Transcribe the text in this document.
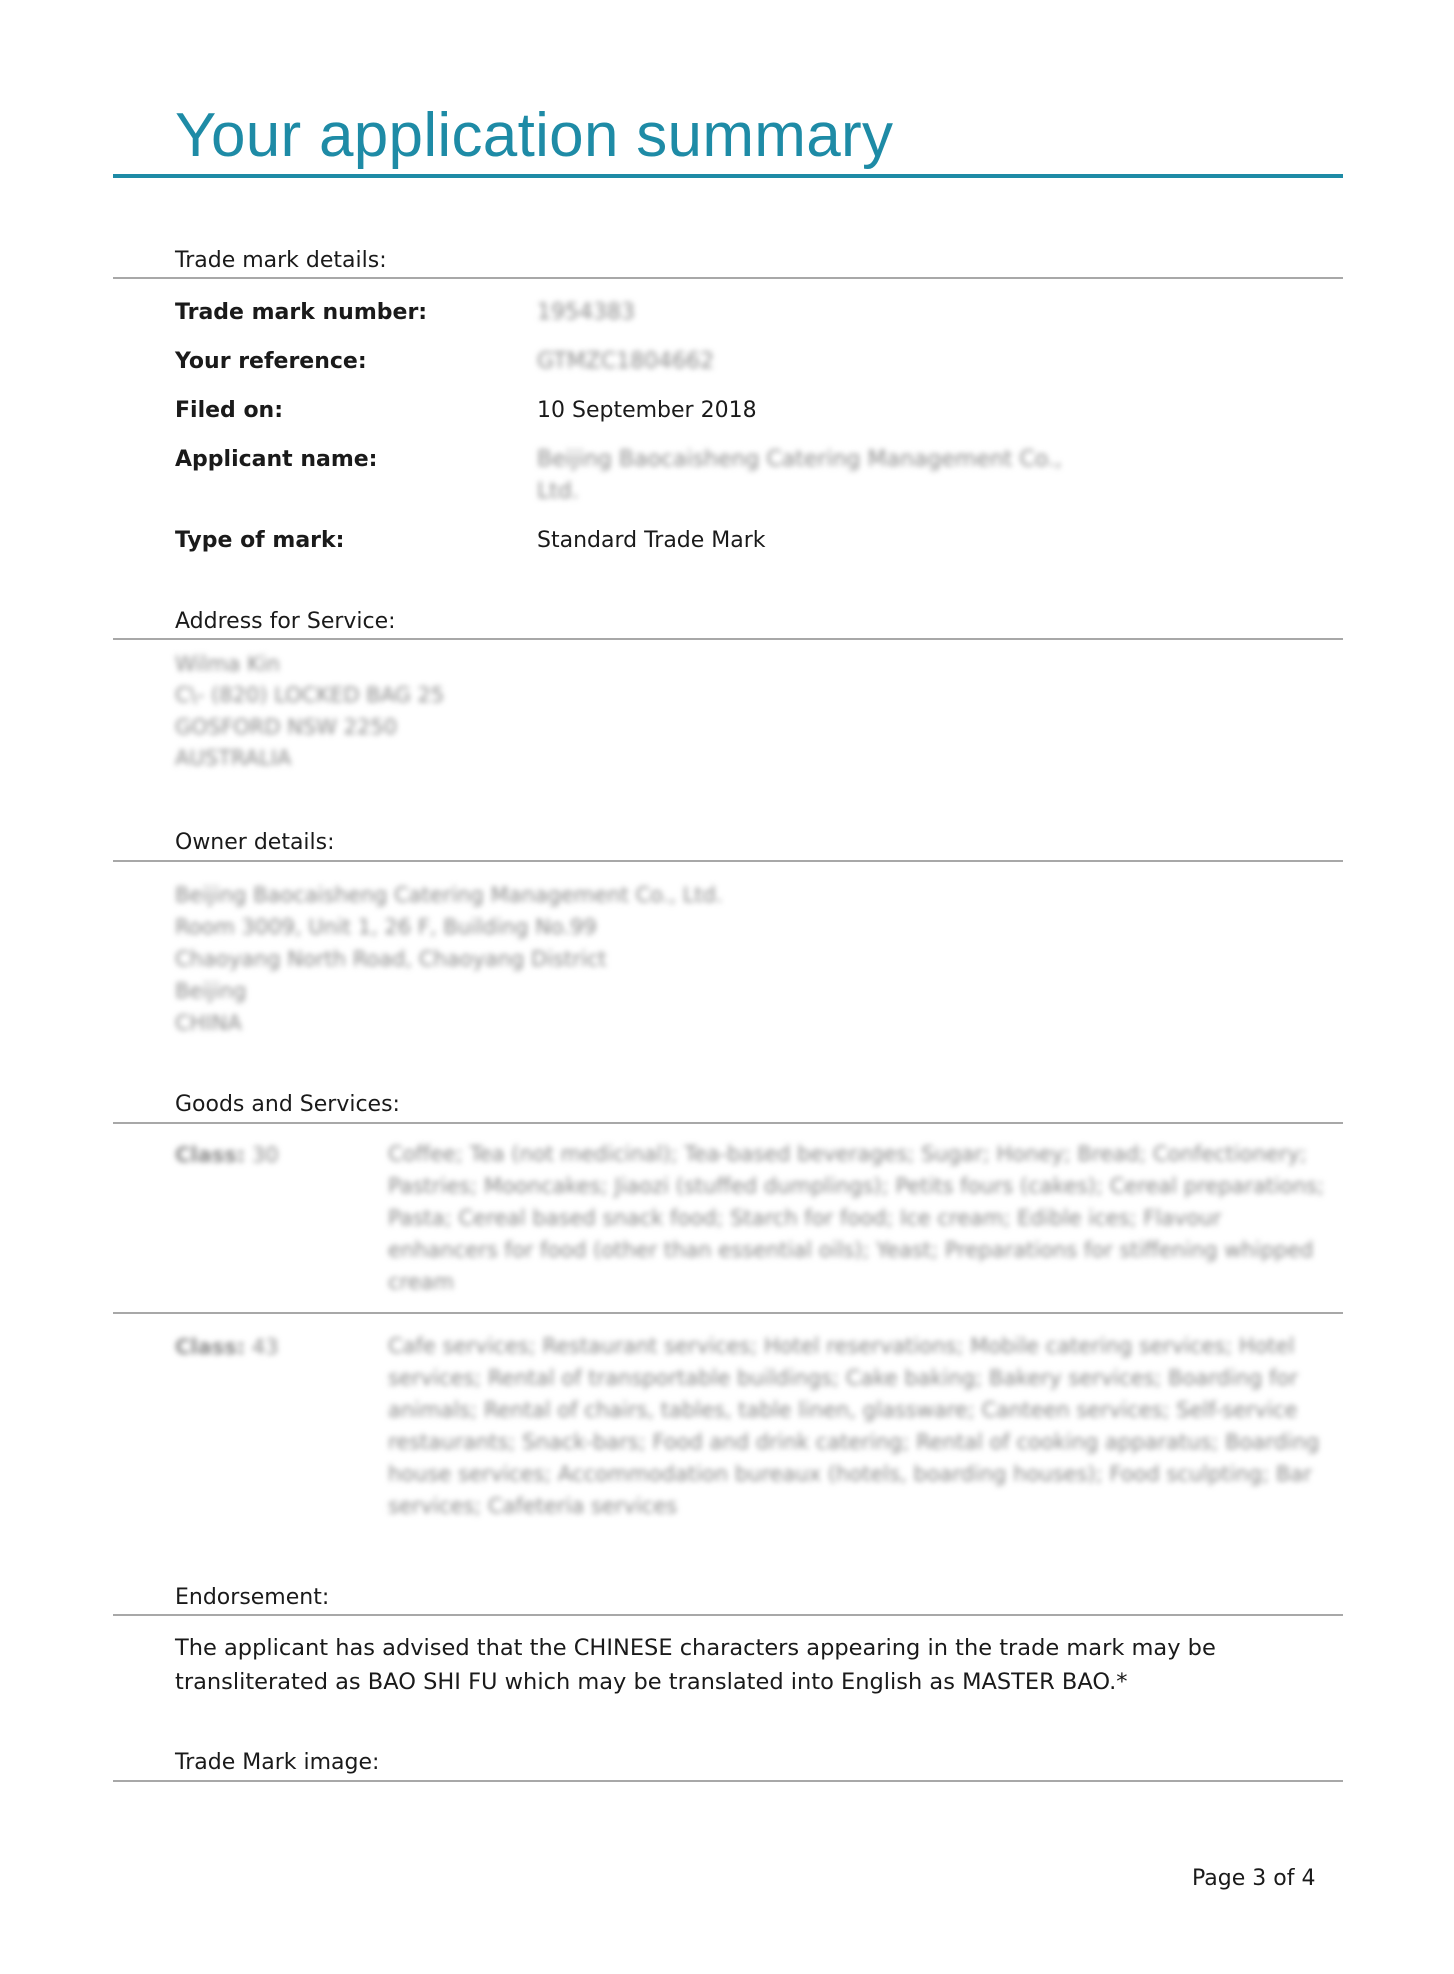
Your application summary
Trade mark details:
Trade mark number:	1954383
Your reference:	GTMZC1804662
Filed on:	10 September 2018
Applicant name:	Beijing Baocaisheng Catering Management Co.,
Ltd.
Type of mark:	Standard Trade Mark
Address for Service:
Wilma Kin
C\- (820) LOCKED BAG 25
GOSFORD NSW 2250
AUSTRALIA
Owner details:
Beijing Baocaisheng Catering Management Co., Ltd.
Room 3009, Unit 1, 26 F, Building No.99
Chaoyang North Road, Chaoyang District
Beijing
CHINA
Goods and Services:
Class: 30	Coffee; Tea (not medicinal); Tea-based beverages; Sugar; Honey; Bread; Confectionery; Pastries; Mooncakes; Jiaozi (stuffed dumplings); Petits fours (cakes); Cereal preparations; Pasta; Cereal based snack food; Starch for food; Ice cream; Edible ices; Flavour enhancers for food (other than essential oils); Yeast; Preparations for stiffening whipped cream
Class: 43	Cafe services; Restaurant services; Hotel reservations; Mobile catering services; Hotel services; Rental of transportable buildings; Cake baking; Bakery services; Boarding for animals; Rental of chairs, tables, table linen, glassware; Canteen services; Self-service restaurants; Snack-bars; Food and drink catering; Rental of cooking apparatus; Boarding house services; Accommodation bureaux (hotels, boarding houses); Food sculpting; Bar services; Cafeteria services
Endorsement:
The applicant has advised that the CHINESE characters appearing in the trade mark may be transliterated as BAO SHI FU which may be translated into English as MASTER BAO.*
Trade Mark image:
Page 3 of 4
